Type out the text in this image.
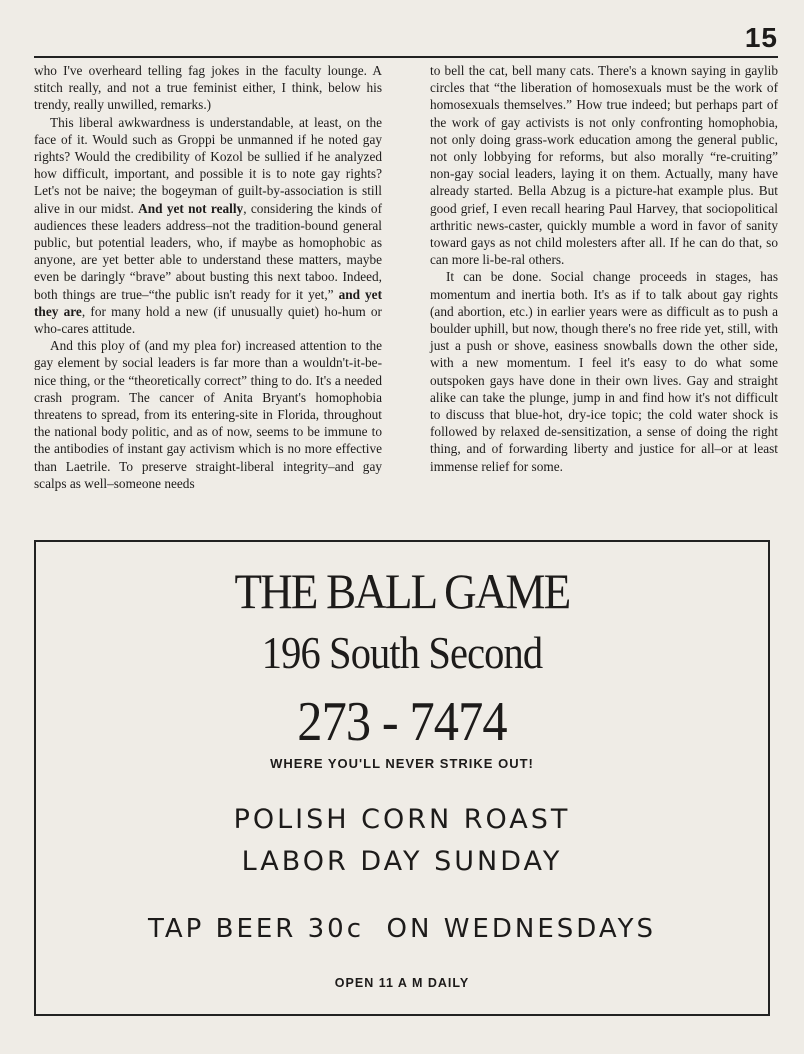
15

who I've overheard telling fag jokes in the faculty lounge. A stitch really, and not a true feminist either, I think, below his trendy, really unwilled, remarks.)

This liberal awkwardness is understandable, at least, on the face of it. Would such as Groppi be unmanned if he noted gay rights? Would the credibility of Kozol be sullied if he analyzed how difficult, important, and possible it is to note gay rights? Let's not be naive; the bogeyman of guilt-by-association is still alive in our midst. And yet not really, considering the kinds of audiences these leaders address–not the tradition-bound general public, but potential leaders, who, if maybe as homophobic as anyone, are yet better able to understand these matters, maybe even be daringly “brave” about busting this next taboo. Indeed, both things are true–“the public isn't ready for it yet,” and yet they are, for many hold a new (if unusually quiet) ho-hum or who-cares attitude.

And this ploy of (and my plea for) increased attention to the gay element by social leaders is far more than a wouldn't-it-be-nice thing, or the “theoretically correct” thing to do. It's a needed crash program. The cancer of Anita Bryant's homophobia threatens to spread, from its entering-site in Florida, throughout the national body politic, and as of now, seems to be immune to the antibodies of instant gay activism which is no more effective than Laetrile. To preserve straight-liberal integrity–and gay scalps as well–someone needs

to bell the cat, bell many cats. There's a known saying in gaylib circles that “the liberation of homosexuals must be the work of homosexuals themselves.” How true indeed; but perhaps part of the work of gay activists is not only confronting homophobia, not only doing grass-work education among the general public, not only lobbying for reforms, but also morally “re-cruiting” non-gay social leaders, laying it on them. Actually, many have already started. Bella Abzug is a picture-hat example plus. But good grief, I even recall hearing Paul Harvey, that sociopolitical arthritic news-caster, quickly mumble a word in favor of sanity toward gays as not child molesters after all. If he can do that, so can more li-be-ral others.

It can be done. Social change proceeds in stages, has momentum and inertia both. It's as if to talk about gay rights (and abortion, etc.) in earlier years were as difficult as to push a boulder uphill, but now, though there's no free ride yet, still, with just a push or shove, easiness snowballs down the other side, with a new momentum. I feel it's easy to do what some outspoken gays have done in their own lives. Gay and straight alike can take the plunge, jump in and find how it's not difficult to discuss that blue-hot, dry-ice topic; the cold water shock is followed by relaxed de-sensitization, a sense of doing the right thing, and of forwarding liberty and justice for all–or at least immense relief for some.

THE BALL GAME
196 South Second
273 - 7474
WHERE YOU'LL NEVER STRIKE OUT!
POLISH CORN ROAST
LABOR DAY SUNDAY
TAP BEER 30c  ON WEDNESDAYS
OPEN 11 A M DAILY
